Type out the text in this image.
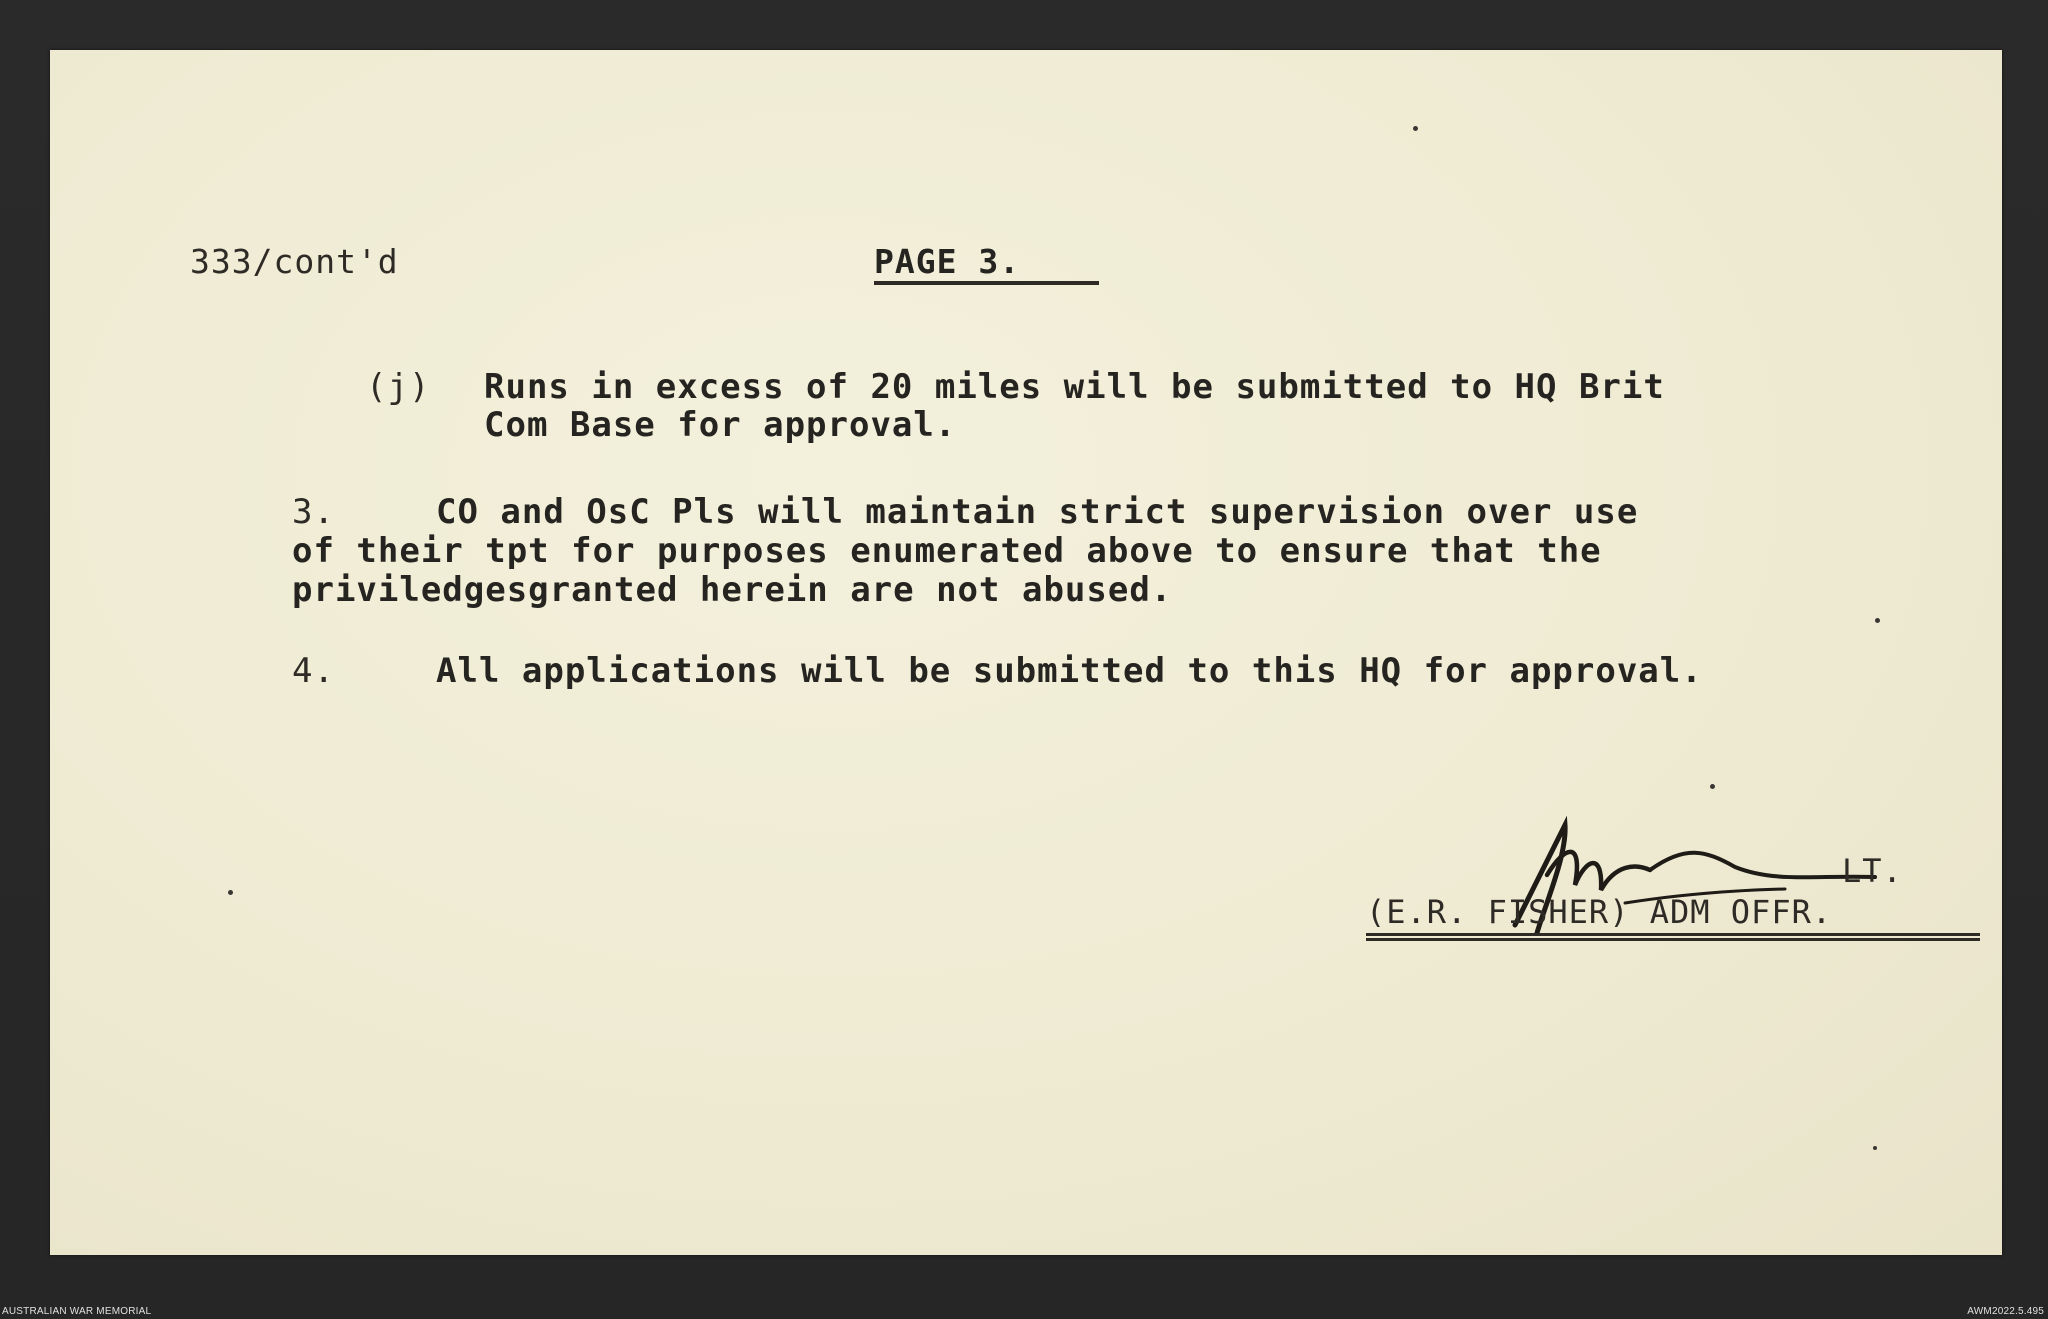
333/cont'd	PAGE 3.
(j) Runs in excess of 20 miles will be submitted to HQ Brit
Com Base for approval.
3.	CO and OsC Pls will maintain strict supervision over use
of their tpt for purposes enumerated above to ensure that the
priviledgesgranted herein are not abused.
4.	All applications will be submitted to this HQ for approval.
LT.
(E.R. FISHER) ADM OFFR.
AUSTRALIAN WAR MEMORIAL	AWM2022.5.495
